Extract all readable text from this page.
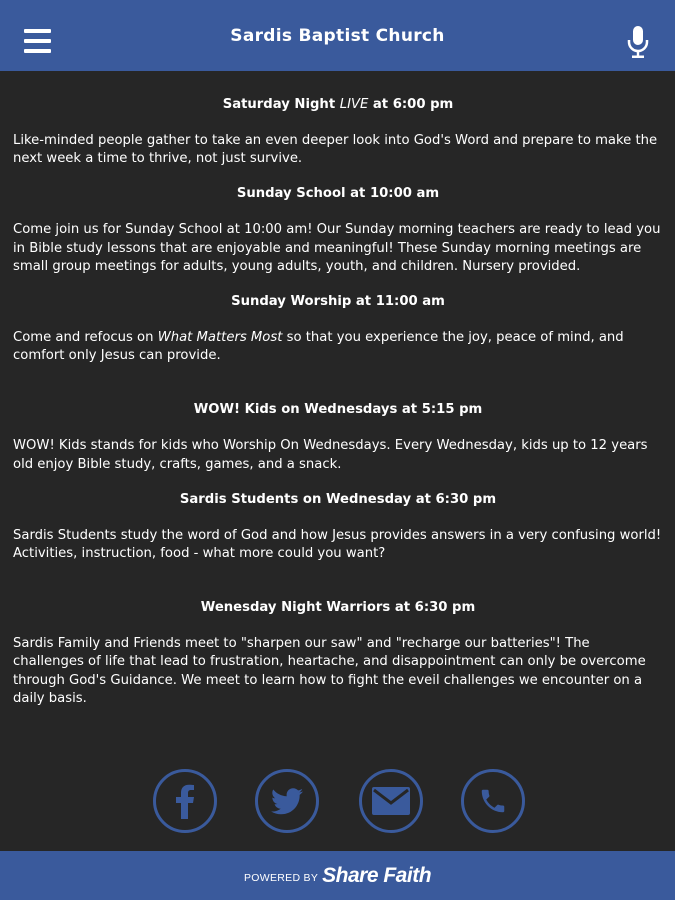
Sardis Baptist Church
Saturday Night LIVE at 6:00 pm

Like-minded people gather to take an even deeper look into God's Word and prepare to make the next week a time to thrive, not just survive.

Sunday School at 10:00 am

Come join us for Sunday School at 10:00 am! Our Sunday morning teachers are ready to lead you in Bible study lessons that are enjoyable and meaningful! These Sunday morning meetings are small group meetings for adults, young adults, youth, and children. Nursery provided.

Sunday Worship at 11:00 am

Come and refocus on What Matters Most so that you experience the joy, peace of mind, and comfort only Jesus can provide.

WOW! Kids on Wednesdays at 5:15 pm

WOW! Kids stands for kids who Worship On Wednesdays. Every Wednesday, kids up to 12 years old enjoy Bible study, crafts, games, and a snack.

Sardis Students on Wednesday at 6:30 pm

Sardis Students study the word of God and how Jesus provides answers in a very confusing world! Activities, instruction, food - what more could you want?

Wenesday Night Warriors at 6:30 pm

Sardis Family and Friends meet to "sharpen our saw" and "recharge our batteries"! The challenges of life that lead to frustration, heartache, and disappointment can only be overcome through God's Guidance. We meet to learn how to fight the eveil challenges we encounter on a daily basis.

POWERED BY Share Faith
